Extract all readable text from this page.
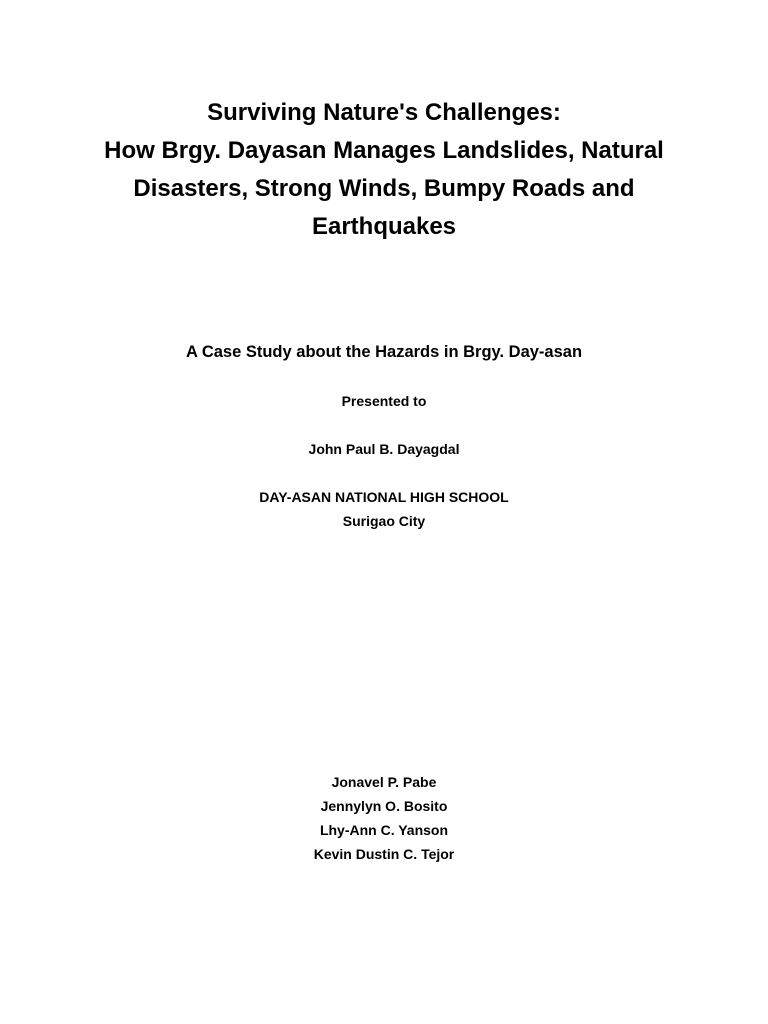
Surviving Nature's Challenges:
How Brgy. Dayasan Manages Landslides, Natural
Disasters, Strong Winds, Bumpy Roads and
Earthquakes
A Case Study about the Hazards in Brgy. Day-asan
Presented to
John Paul B. Dayagdal
DAY-ASAN NATIONAL HIGH SCHOOL
Surigao City
Jonavel P. Pabe
Jennylyn O. Bosito
Lhy-Ann C. Yanson
Kevin Dustin C. Tejor
